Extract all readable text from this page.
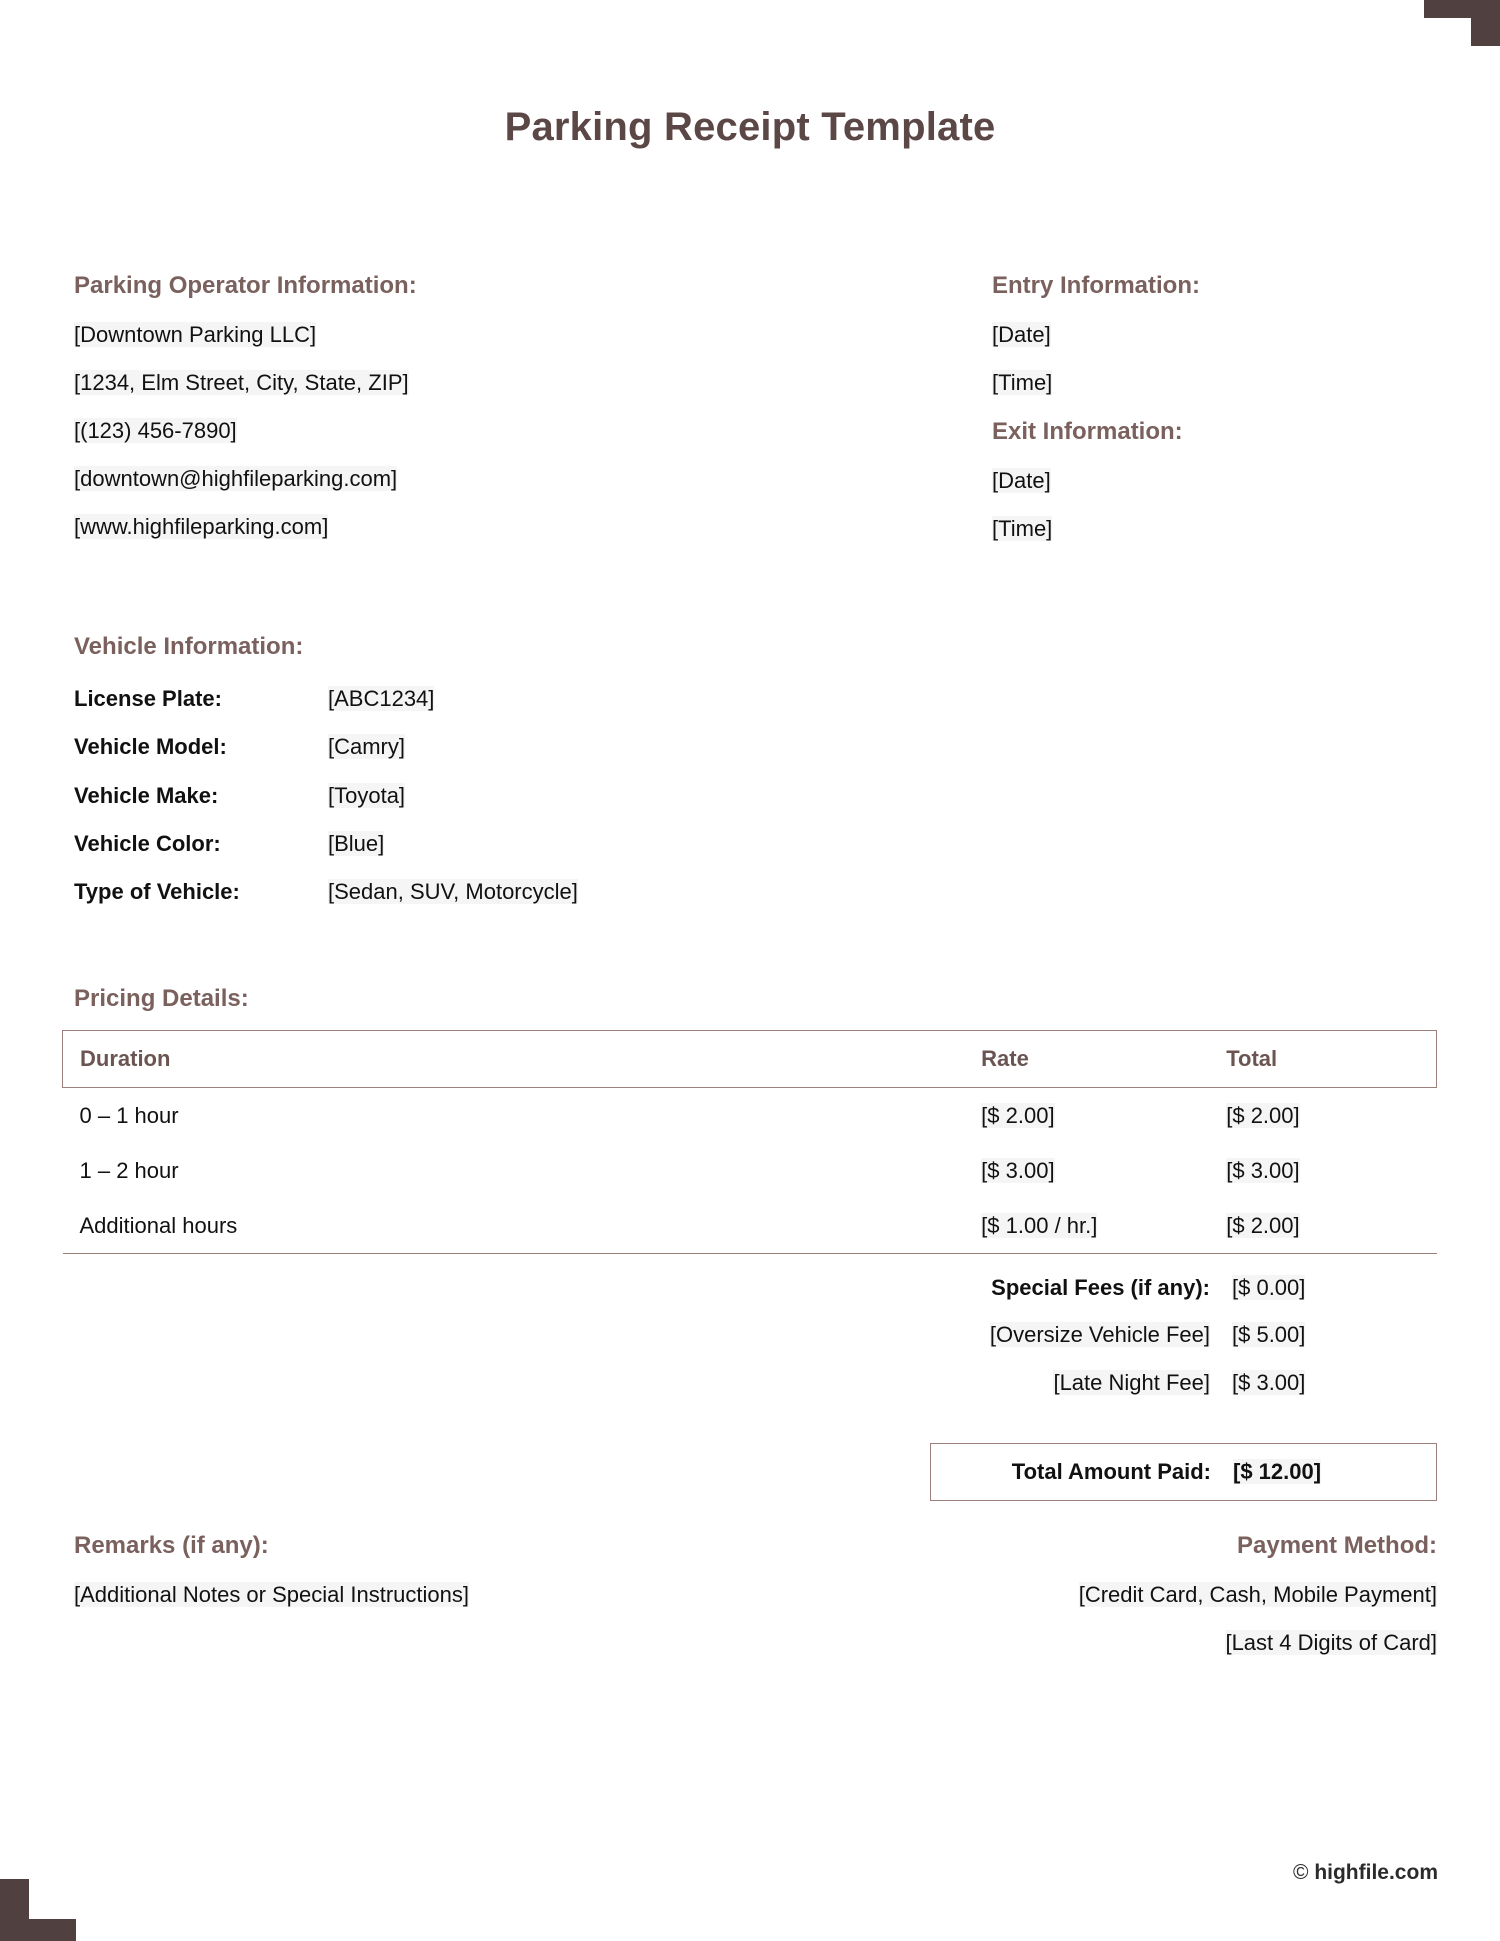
Parking Receipt Template
Parking Operator Information:
[Downtown Parking LLC]
[1234, Elm Street, City, State, ZIP]
[(123) 456-7890]
[downtown@highfileparking.com]
[www.highfileparking.com]
Entry Information:
[Date]
[Time]
Exit Information:
[Date]
[Time]
Vehicle Information:
License Plate:	[ABC1234]
Vehicle Model:	[Camry]
Vehicle Make:	[Toyota]
Vehicle Color:	[Blue]
Type of Vehicle:	[Sedan, SUV, Motorcycle]
Pricing Details:
Duration	Rate	Total
0 – 1 hour	[$ 2.00]	[$ 2.00]
1 – 2 hour	[$ 3.00]	[$ 3.00]
Additional hours	[$ 1.00 / hr.]	[$ 2.00]
Special Fees (if any): [$ 0.00]
[Oversize Vehicle Fee] [$ 5.00]
[Late Night Fee] [$ 3.00]
Total Amount Paid: [$ 12.00]
Remarks (if any):
[Additional Notes or Special Instructions]
Payment Method:
[Credit Card, Cash, Mobile Payment]
[Last 4 Digits of Card]
© highfile.com
